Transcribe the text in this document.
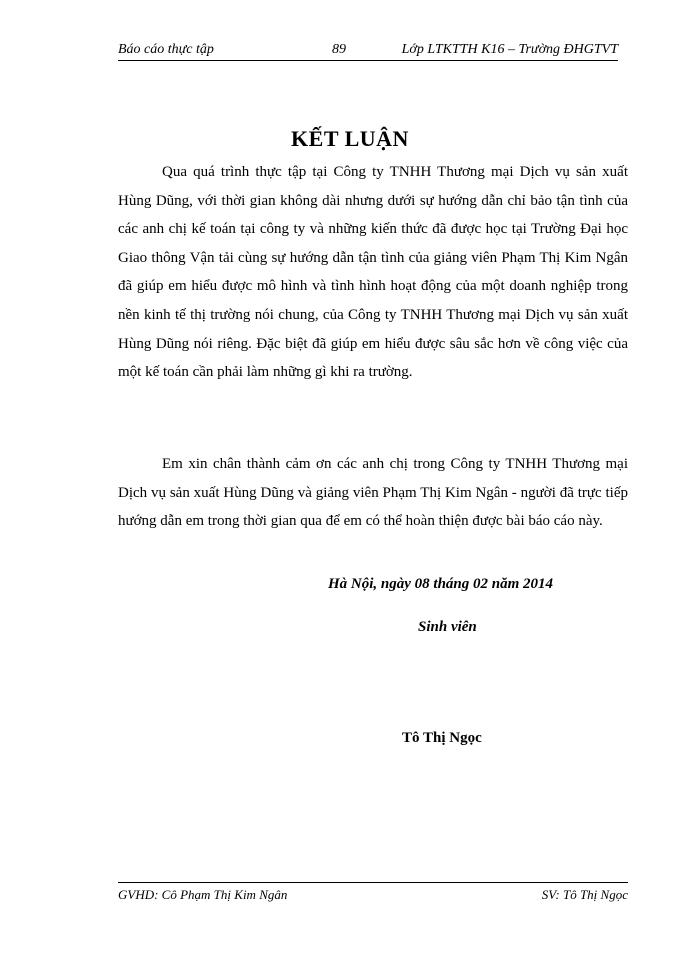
Báo cáo thực tập	89	Lớp LTKTTH K16 – Trường ĐHGTVT
KẾT LUẬN

Qua quá trình thực tập tại Công ty TNHH Thương mại Dịch vụ sản xuất Hùng Dũng, với thời gian không dài nhưng dưới sự hướng dẫn chỉ bảo tận tình của các anh chị kế toán tại công ty và những kiến thức đã được học tại Trường Đại học Giao thông Vận tải cùng sự hướng dẫn tận tình của giảng viên Phạm Thị Kim Ngân đã giúp em hiểu được mô hình và tình hình hoạt động của một doanh nghiệp trong nền kinh tế thị trường nói chung, của Công ty TNHH Thương mại Dịch vụ sản xuất Hùng Dũng nói riêng. Đặc biệt đã giúp em hiểu được sâu sắc hơn về công việc của một kế toán cần phải làm những gì khi ra trường.

Em xin chân thành cảm ơn các anh chị trong Công ty TNHH Thương mại Dịch vụ sản xuất Hùng Dũng và giảng viên Phạm Thị Kim Ngân - người đã trực tiếp hướng dẫn em trong thời gian qua để em có thể hoàn thiện được bài báo cáo này.

Hà Nội, ngày 08 tháng 02 năm 2014
Sinh viên
Tô Thị Ngọc
GVHD: Cô Phạm Thị Kim Ngân	SV: Tô Thị Ngọc
